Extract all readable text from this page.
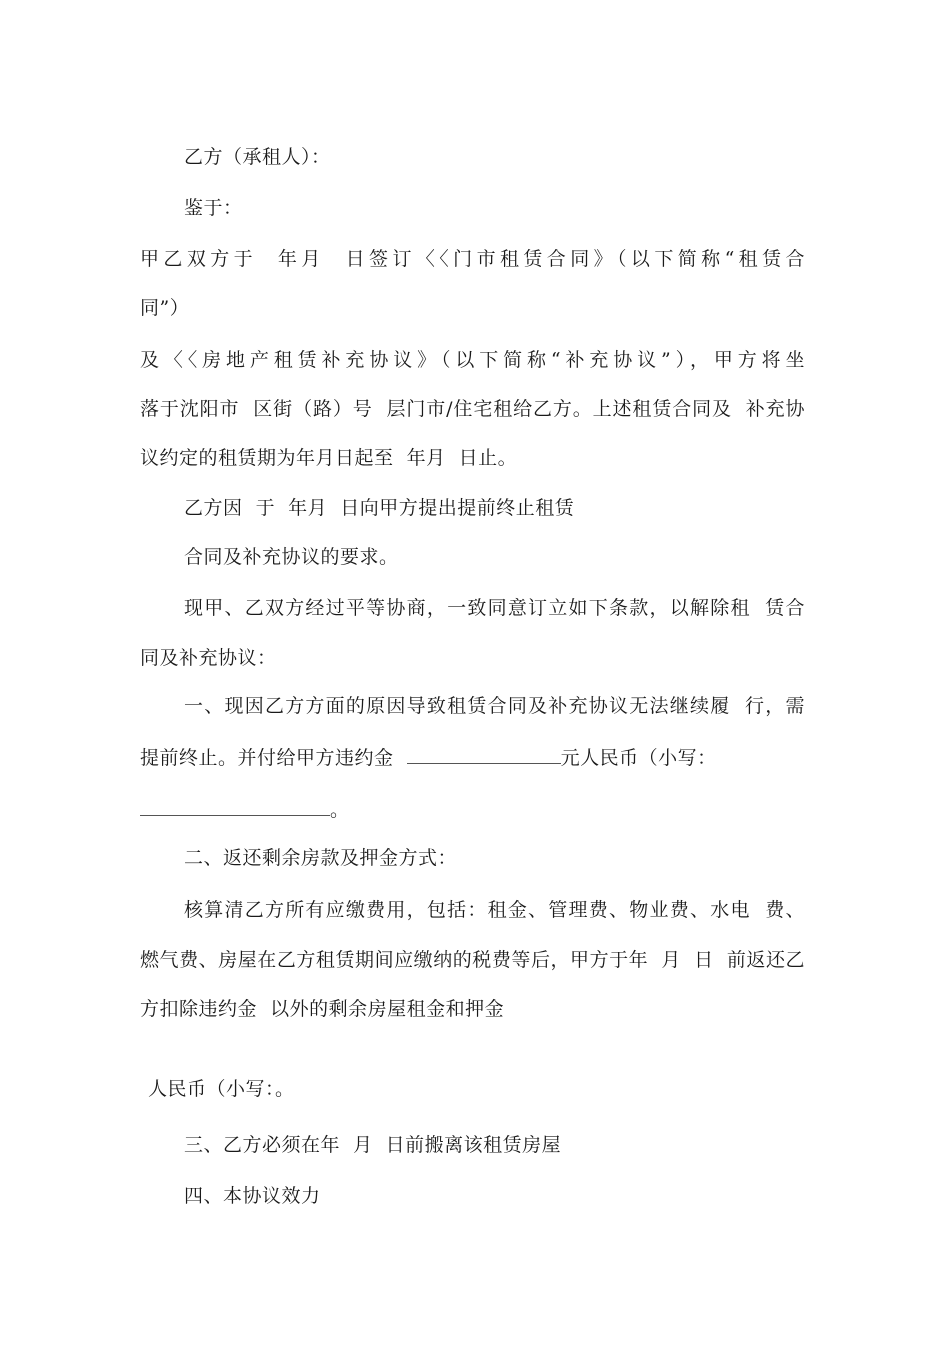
乙方（承租人）：
鉴于：
甲乙双方于  年月  日签订〈〈门市租赁合同》（以下简称“租赁合
同”）
及〈〈房地产租赁补充协议》（以下简称“补充协议”），甲方将坐
落于沈阳市  区街（路）号  层门市/住宅租给乙方。上述租赁合同及  补充协
议约定的租赁期为年月日起至  年月  日止。
乙方因  于  年月  日向甲方提出提前终止租赁
合同及补充协议的要求。
现甲、乙双方经过平等协商，一致同意订立如下条款，以解除租  赁合
同及补充协议：
一、现因乙方方面的原因导致租赁合同及补充协议无法继续履  行，需
提前终止。并付给甲方违约金	元人民币（小写：
。
二、返还剩余房款及押金方式：
核算清乙方所有应缴费用，包括：租金、管理费、物业费、水电  费、
燃气费、房屋在乙方租赁期间应缴纳的税费等后，甲方于年  月  日  前返还乙
方扣除违约金  以外的剩余房屋租金和押金
人民币（小写：。
三、乙方必须在年  月  日前搬离该租赁房屋
四、本协议效力
